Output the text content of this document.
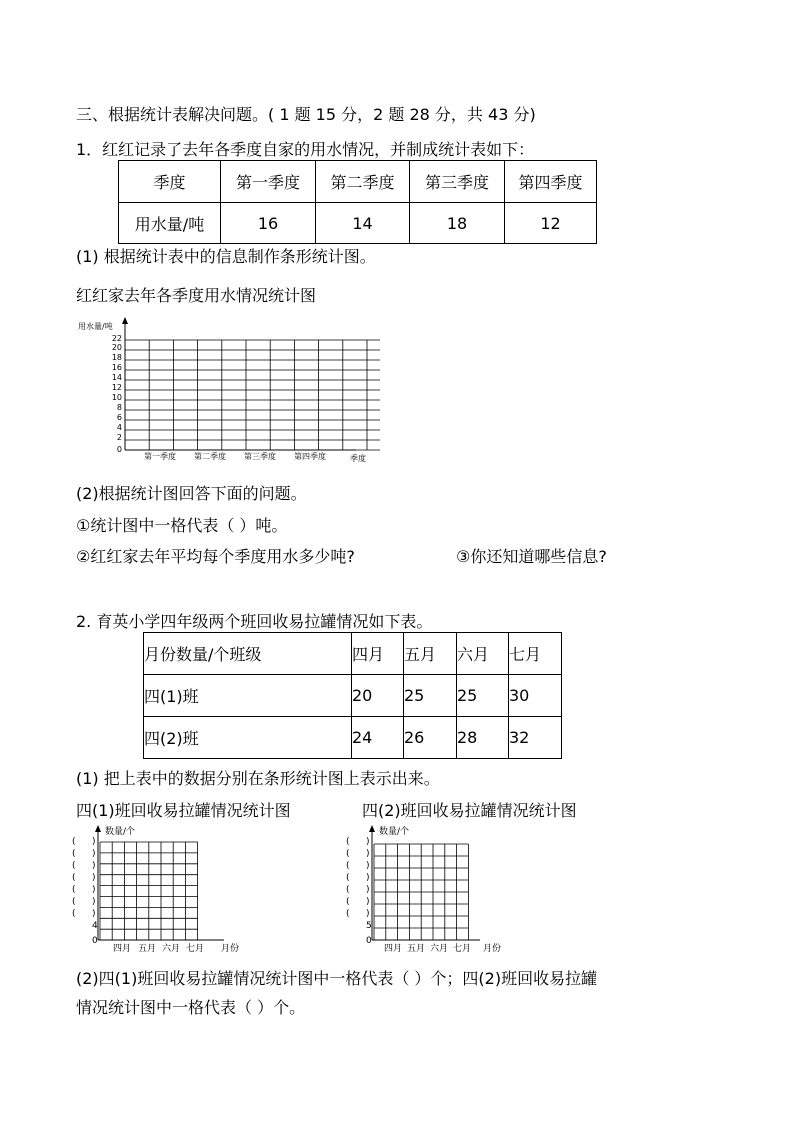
三、根据统计表解决问题。( 1 题 15 分，2 题 28 分，共 43 分)
1．红红记录了去年各季度自家的用水情况，并制成统计表如下：
季度	第一季度	第二季度	第三季度	第四季度
用水量/吨	16	14	18	12
(1) 根据统计表中的信息制作条形统计图。
红红家去年各季度用水情况统计图
用水量/吨
22
20
18
16
14
12
10
8
6
4
2
0
第一季度 第二季度 第三季度 第四季度	季度
(2)根据统计图回答下面的问题。
①统计图中一格代表（ ）吨。
②红红家去年平均每个季度用水多少吨?	③你还知道哪些信息?
2. 育英小学四年级两个班回收易拉罐情况如下表。
月份数量/个班级	四月	五月	六月	七月
四(1)班	20	25	25	30
四(2)班	24	26	28	32
(1) 把上表中的数据分别在条形统计图上表示出来。
四(1)班回收易拉罐情况统计图	四(2)班回收易拉罐情况统计图
数量/个
(
(
(
(
(
(
(
)
)
)
)
)
)
)
4
0
四月 五月 六月 七月 月份
数量/个
(
(
(
(
(
(
(
)
)
)
)
)
)
)
5
0
四月 五月 六月 七月 月份
(2)四(1)班回收易拉罐情况统计图中一格代表（ ）个；四(2)班回收易拉罐
情况统计图中一格代表（ ）个。
